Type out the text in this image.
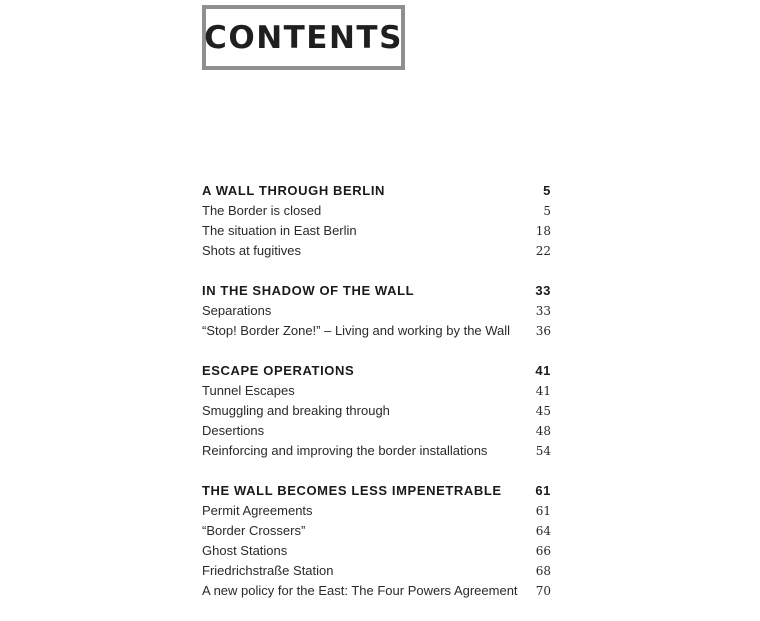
CONTENTS
A WALL THROUGH BERLIN	5
The Border is closed	5
The situation in East Berlin	18
Shots at fugitives	22
IN THE SHADOW OF THE WALL	33
Separations	33
“Stop! Border Zone!” – Living and working by the Wall 36
ESCAPE OPERATIONS	41
Tunnel Escapes	41
Smuggling and breaking through	45
Desertions	48
Reinforcing and improving the border installations	54
THE WALL BECOMES LESS IMPENETRABLE	61
Permit Agreements	61
“Border Crossers”	64
Ghost Stations	66
Friedrichstraße Station	68
A new policy for the East: The Four Powers Agreement 70
